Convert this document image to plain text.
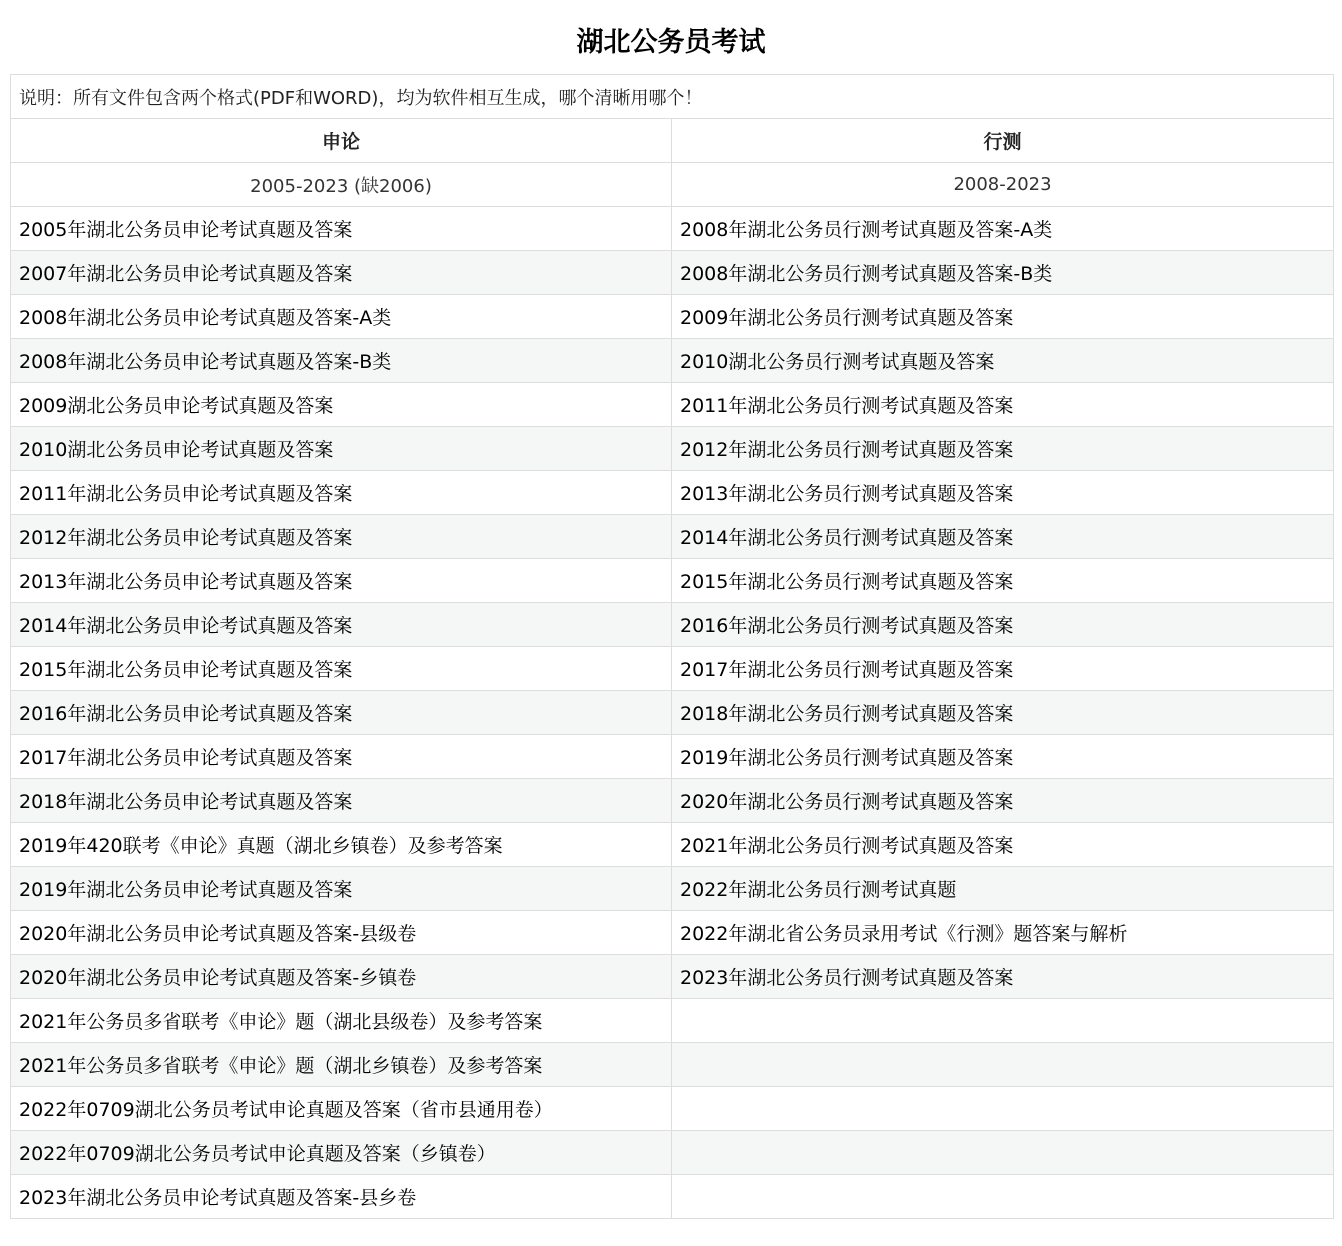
湖北公务员考试
说明：所有文件包含两个格式(PDF和WORD)，均为软件相互生成，哪个清晰用哪个！	
申论	行测
2005-2023 (缺2006)	2008-2023
2005年湖北公务员申论考试真题及答案	2008年湖北公务员行测考试真题及答案-A类
2007年湖北公务员申论考试真题及答案	2008年湖北公务员行测考试真题及答案-B类
2008年湖北公务员申论考试真题及答案-A类	2009年湖北公务员行测考试真题及答案
2008年湖北公务员申论考试真题及答案-B类	2010湖北公务员行测考试真题及答案
2009湖北公务员申论考试真题及答案	2011年湖北公务员行测考试真题及答案
2010湖北公务员申论考试真题及答案	2012年湖北公务员行测考试真题及答案
2011年湖北公务员申论考试真题及答案	2013年湖北公务员行测考试真题及答案
2012年湖北公务员申论考试真题及答案	2014年湖北公务员行测考试真题及答案
2013年湖北公务员申论考试真题及答案	2015年湖北公务员行测考试真题及答案
2014年湖北公务员申论考试真题及答案	2016年湖北公务员行测考试真题及答案
2015年湖北公务员申论考试真题及答案	2017年湖北公务员行测考试真题及答案
2016年湖北公务员申论考试真题及答案	2018年湖北公务员行测考试真题及答案
2017年湖北公务员申论考试真题及答案	2019年湖北公务员行测考试真题及答案
2018年湖北公务员申论考试真题及答案	2020年湖北公务员行测考试真题及答案
2019年420联考《申论》真题（湖北乡镇卷）及参考答案	2021年湖北公务员行测考试真题及答案
2019年湖北公务员申论考试真题及答案	2022年湖北公务员行测考试真题
2020年湖北公务员申论考试真题及答案-县级卷	2022年湖北省公务员录用考试《行测》题答案与解析
2020年湖北公务员申论考试真题及答案-乡镇卷	2023年湖北公务员行测考试真题及答案
2021年公务员多省联考《申论》题（湖北县级卷）及参考答案	
2021年公务员多省联考《申论》题（湖北乡镇卷）及参考答案	
2022年0709湖北公务员考试申论真题及答案（省市县通用卷）	
2022年0709湖北公务员考试申论真题及答案（乡镇卷）	
2023年湖北公务员申论考试真题及答案-县乡卷	
